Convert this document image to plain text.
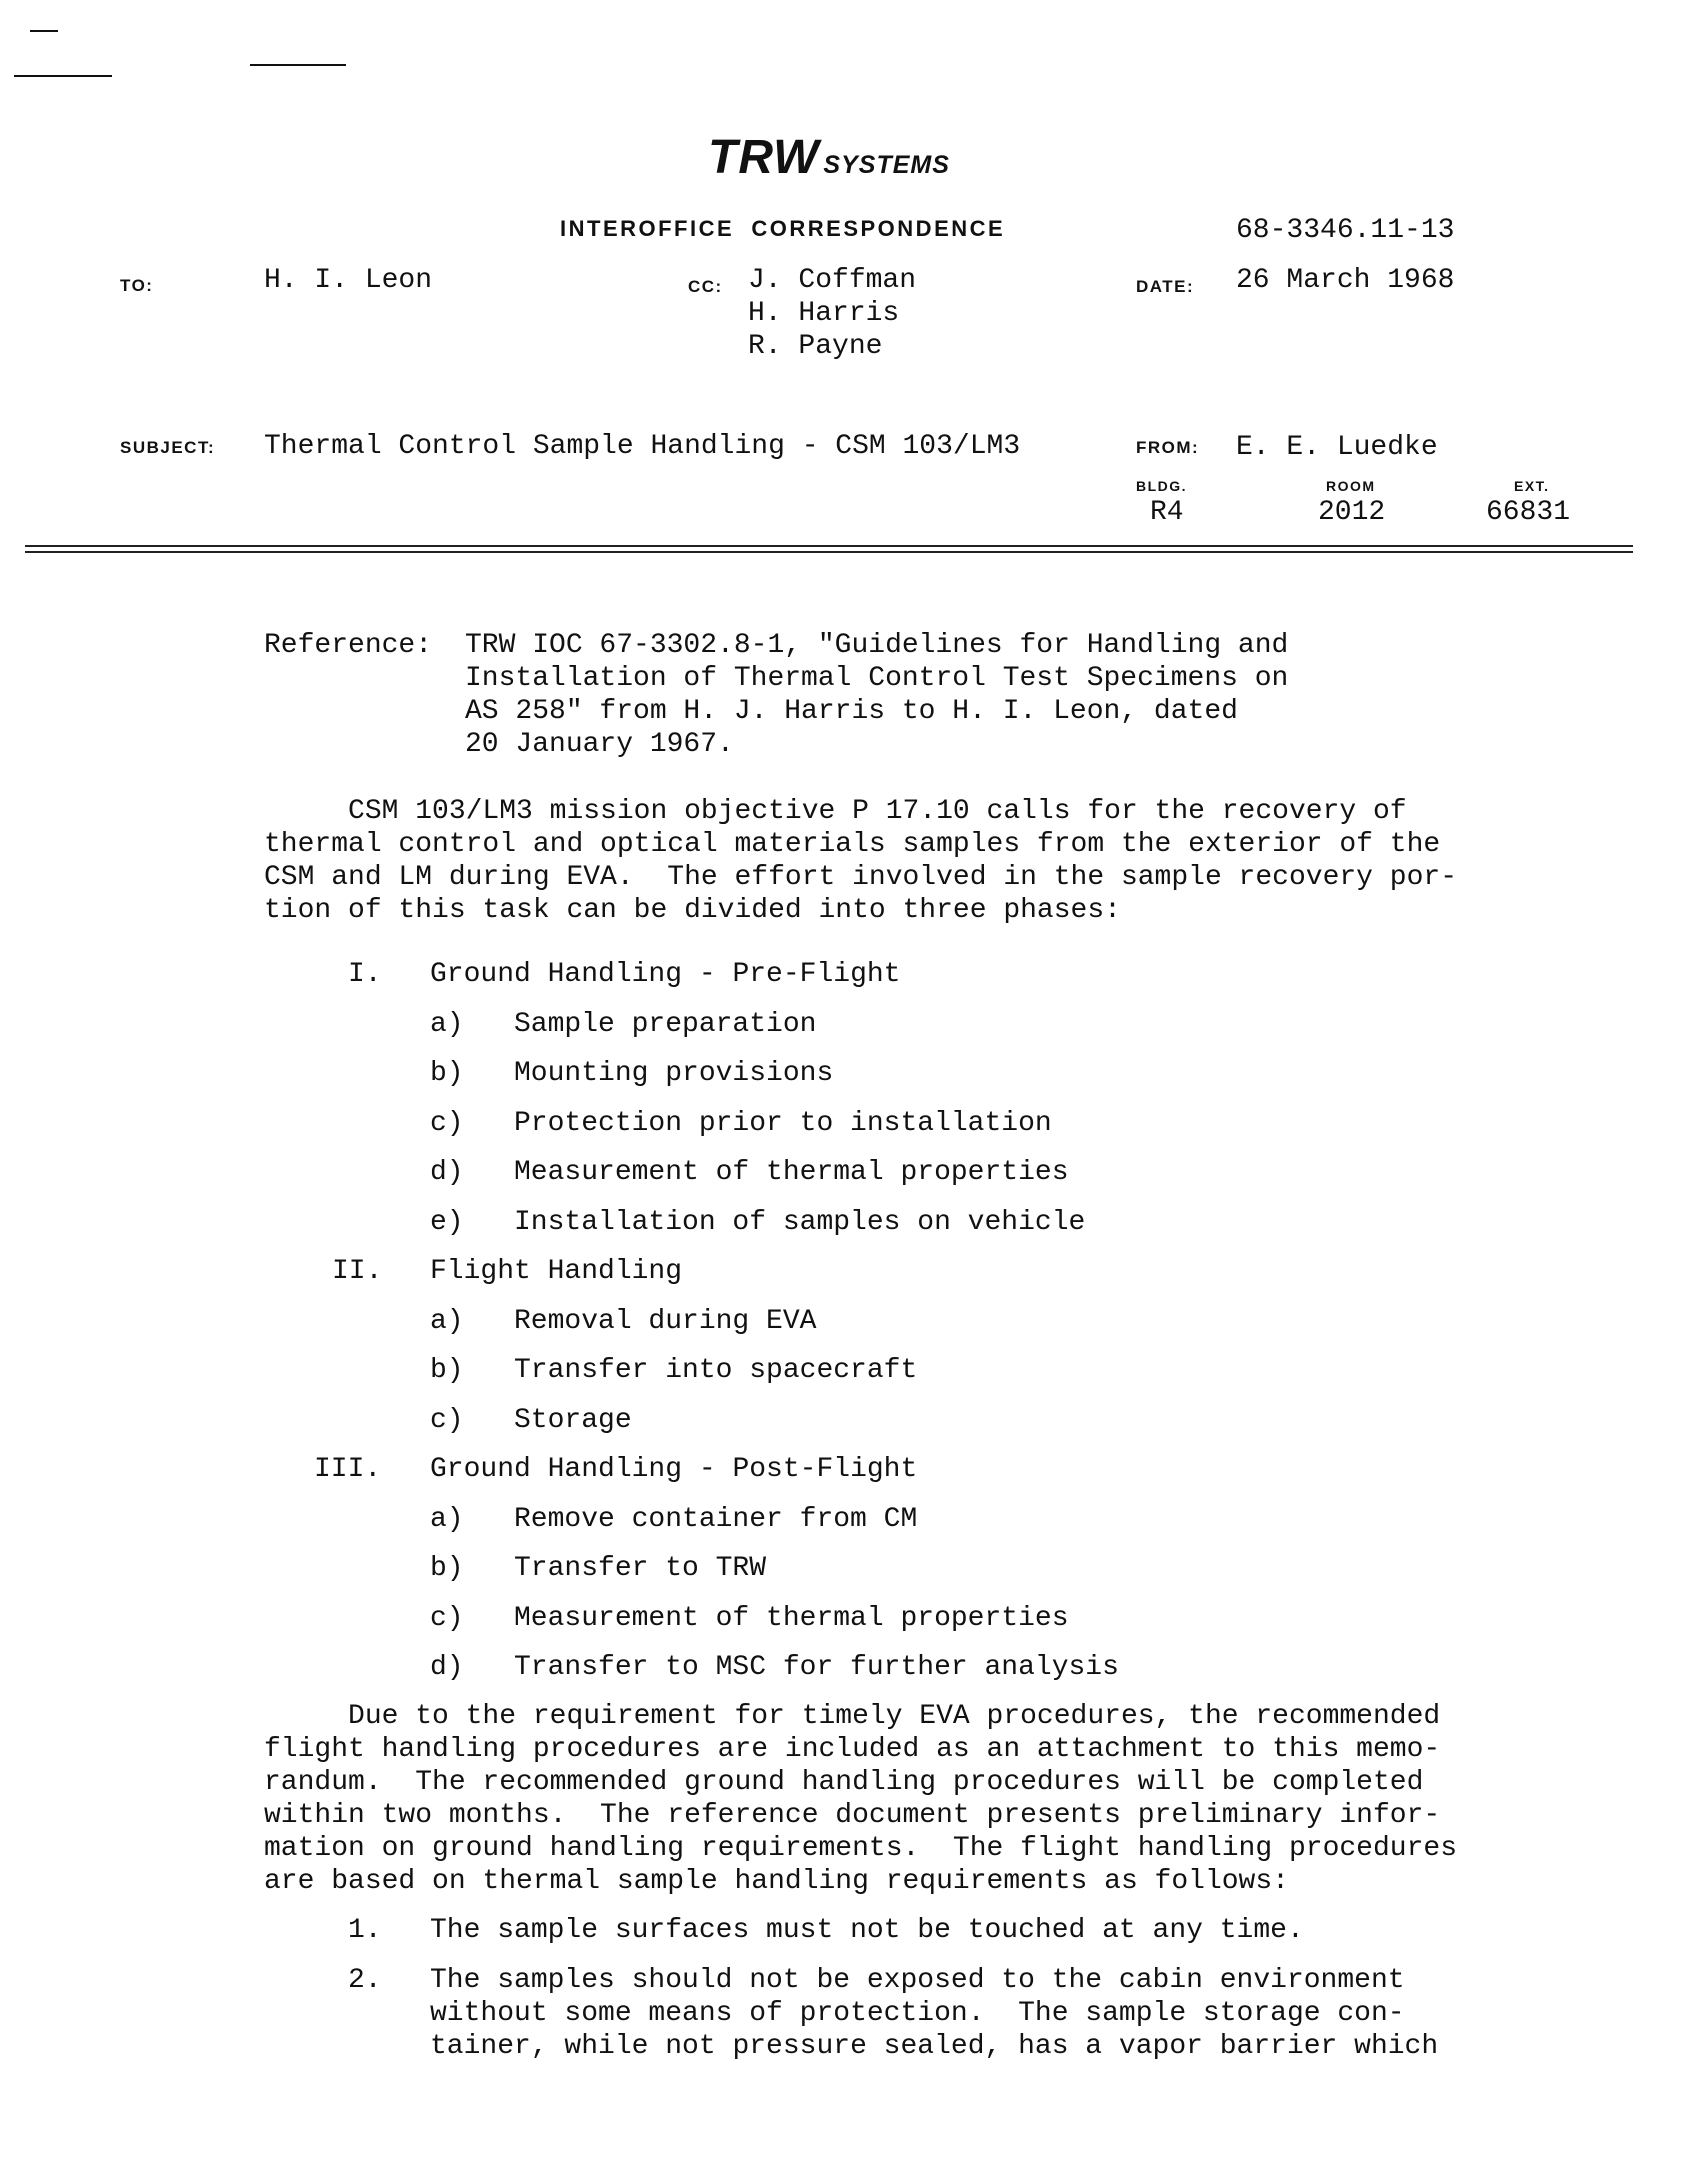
TRW SYSTEMS
INTEROFFICE  CORRESPONDENCE	68-3346.11-13
TO:	H. I. Leon	CC: J. Coffman
H. Harris
R. Payne
DATE: 26 March 1968
SUBJECT: Thermal Control Sample Handling - CSM 103/LM3	FROM: E. E. Luedke
BLDG.
R4
ROOM
2012
EXT.
66831
Reference: TRW IOC 67-3302.8-1, "Guidelines for Handling and
Installation of Thermal Control Test Specimens on
AS 258" from H. J. Harris to H. I. Leon, dated
20 January 1967.
CSM 103/LM3 mission objective P 17.10 calls for the recovery of
thermal control and optical materials samples from the exterior of the
CSM and LM during EVA.  The effort involved in the sample recovery por-
tion of this task can be divided into three phases:
I. Ground Handling - Pre-Flight
a) Sample preparation
b) Mounting provisions
c) Protection prior to installation
d) Measurement of thermal properties
e) Installation of samples on vehicle
II. Flight Handling
a) Removal during EVA
b) Transfer into spacecraft
c) Storage
III. Ground Handling - Post-Flight
a) Remove container from CM
b) Transfer to TRW
c) Measurement of thermal properties
d) Transfer to MSC for further analysis
Due to the requirement for timely EVA procedures, the recommended
flight handling procedures are included as an attachment to this memo-
randum.  The recommended ground handling procedures will be completed
within two months.  The reference document presents preliminary infor-
mation on ground handling requirements.  The flight handling procedures
are based on thermal sample handling requirements as follows:
1. The sample surfaces must not be touched at any time.
2. The samples should not be exposed to the cabin environment
without some means of protection.  The sample storage con-
tainer, while not pressure sealed, has a vapor barrier which
